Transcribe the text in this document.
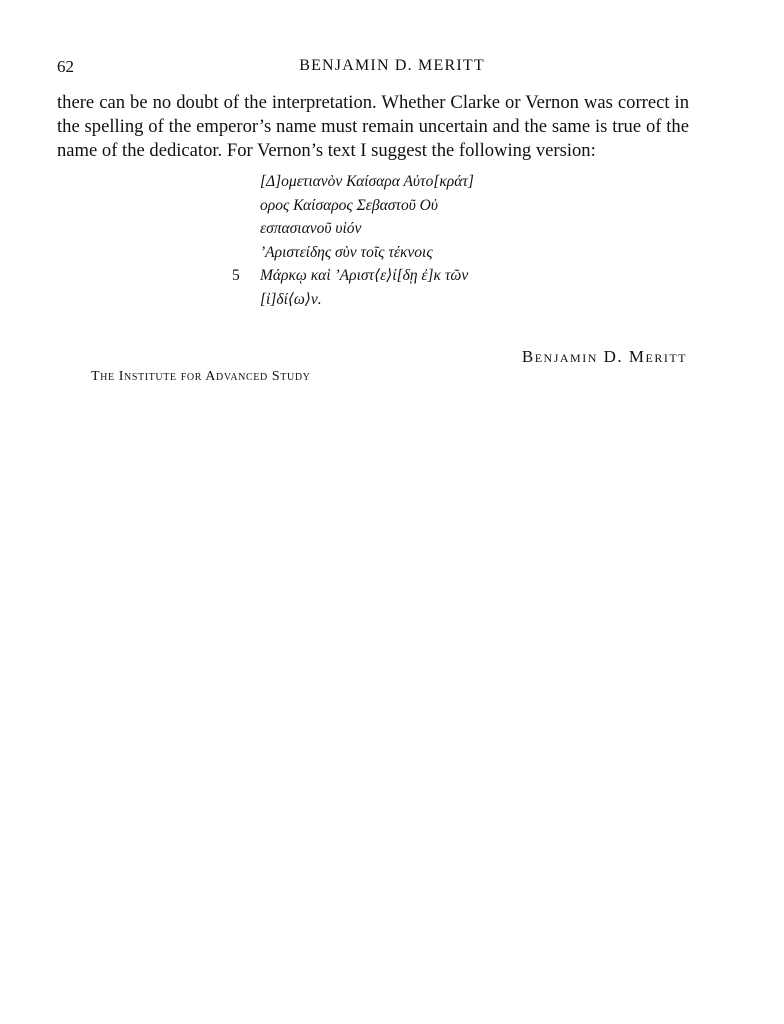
62	BENJAMIN D. MERITT
there can be no doubt of the interpretation. Whether Clarke or Vernon was correct in the spelling of the emperor’s name must remain uncertain and the same is true of the name of the dedicator. For Vernon’s text I suggest the following version:
[Δ]ομετιανὸν Καίσαρα Αὐτο[κράτ]
ορος Καίσαρος Σεβαστοῦ Οὐ
εσπασιανοῦ υἱόν
’Αριστείδης σὺν τοῖς τέκνοις
5	Μάρκῳ καὶ ’Αριστ⟨ε⟩ί[δῃ ἐ]κ τῶν
[ἰ]δί⟨ω⟩ν.
Benjamin D. Meritt
The Institute for Advanced Study
